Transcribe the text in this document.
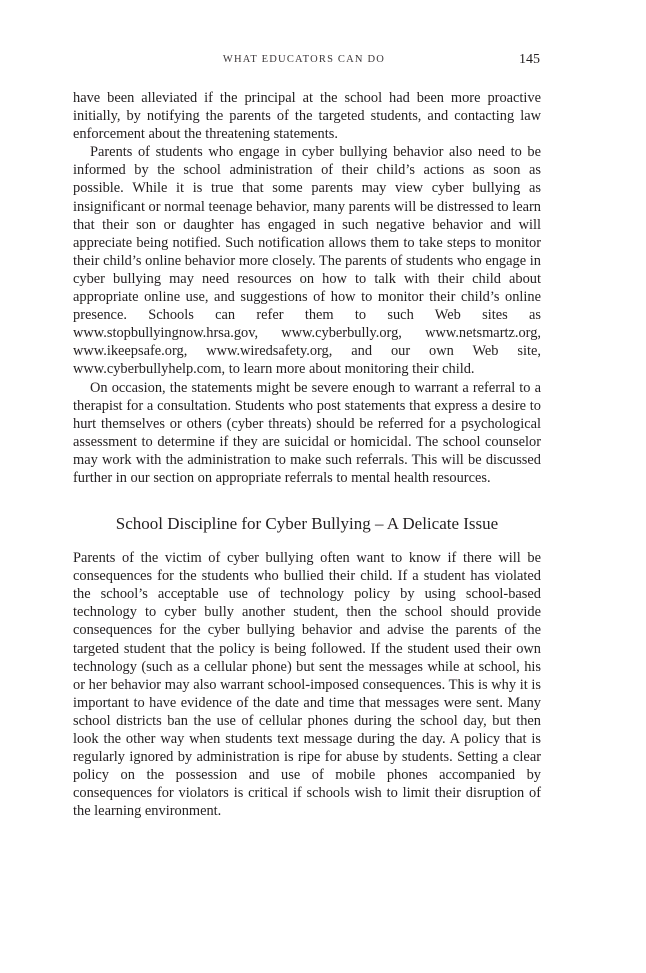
WHAT EDUCATORS CAN DO	145

have been alleviated if the principal at the school had been more proactive initially, by notifying the parents of the targeted students, and contacting law enforcement about the threatening statements.

Parents of students who engage in cyber bullying behavior also need to be informed by the school administration of their child’s actions as soon as possible. While it is true that some parents may view cyber bullying as insignificant or normal teenage behavior, many parents will be distressed to learn that their son or daughter has engaged in such negative behavior and will appreciate being notified. Such notification allows them to take steps to monitor their child’s online behavior more closely. The parents of students who engage in cyber bullying may need resources on how to talk with their child about appropriate online use, and suggestions of how to monitor their child’s online presence. Schools can refer them to such Web sites as www.stopbullyingnow.hrsa.gov, www.cyberbully.org, www.netsmartz.org, www.ikeepsafe.org, www.wiredsafety.org, and our own Web site, www.cyberbullyhelp.com, to learn more about monitoring their child.

On occasion, the statements might be severe enough to warrant a referral to a therapist for a consultation. Students who post statements that express a desire to hurt themselves or others (cyber threats) should be referred for a psychological assessment to determine if they are suicidal or homicidal. The school counselor may work with the administration to make such referrals. This will be discussed further in our section on appropriate referrals to mental health resources.

School Discipline for Cyber Bullying – A Delicate Issue

Parents of the victim of cyber bullying often want to know if there will be consequences for the students who bullied their child. If a student has violated the school’s acceptable use of technology policy by using school-based technology to cyber bully another student, then the school should provide consequences for the cyber bullying behavior and advise the parents of the targeted student that the policy is being followed. If the student used their own technology (such as a cellular phone) but sent the messages while at school, his or her behavior may also warrant school-imposed consequences. This is why it is important to have evidence of the date and time that messages were sent. Many school districts ban the use of cellular phones during the school day, but then look the other way when students text message during the day. A policy that is regularly ignored by administration is ripe for abuse by students. Setting a clear policy on the possession and use of mobile phones accompanied by consequences for violators is critical if schools wish to limit their disruption of the learning environment.
